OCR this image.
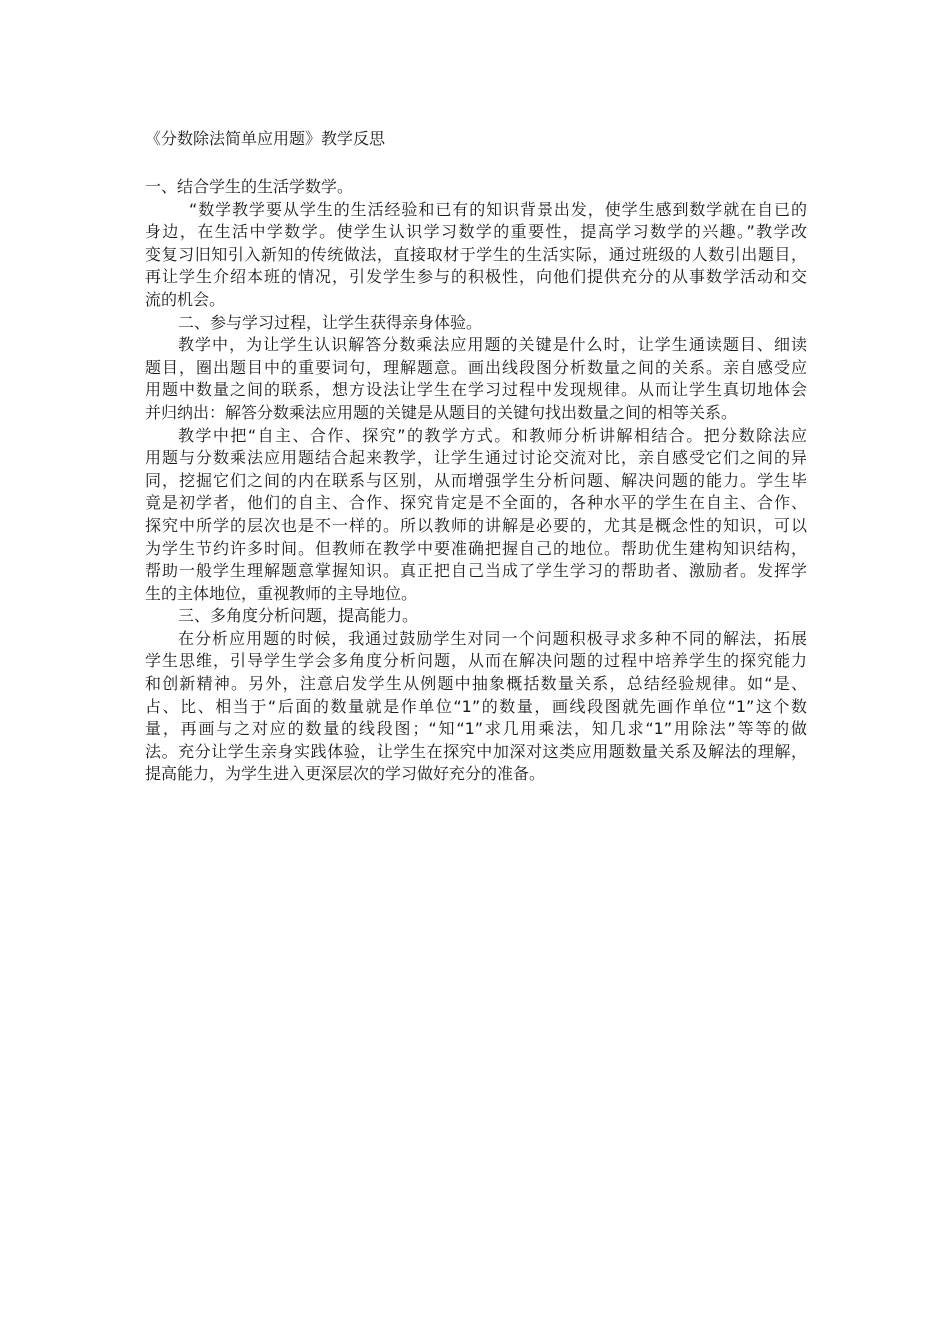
《分数除法简单应用题》教学反思
一、结合学生的生活学数学。
“数学教学要从学生的生活经验和已有的知识背景出发，使学生感到数学就在自已的
身边，在生活中学数学。使学生认识学习数学的重要性，提高学习数学的兴趣。”教学改
变复习旧知引入新知的传统做法，直接取材于学生的生活实际，通过班级的人数引出题目，
再让学生介绍本班的情况，引发学生参与的积极性，向他们提供充分的从事数学活动和交
流的机会。
二、参与学习过程，让学生获得亲身体验。
教学中，为让学生认识解答分数乘法应用题的关键是什么时，让学生通读题目、细读
题目，圈出题目中的重要词句，理解题意。画出线段图分析数量之间的关系。亲自感受应
用题中数量之间的联系，想方设法让学生在学习过程中发现规律。从而让学生真切地体会
并归纳出：解答分数乘法应用题的关键是从题目的关键句找出数量之间的相等关系。
教学中把“自主、合作、探究”的教学方式。和教师分析讲解相结合。把分数除法应
用题与分数乘法应用题结合起来教学，让学生通过讨论交流对比，亲自感受它们之间的异
同，挖掘它们之间的内在联系与区别，从而增强学生分析问题、解决问题的能力。学生毕
竟是初学者，他们的自主、合作、探究肯定是不全面的，各种水平的学生在自主、合作、
探究中所学的层次也是不一样的。所以教师的讲解是必要的，尤其是概念性的知识，可以
为学生节约许多时间。但教师在教学中要准确把握自己的地位。帮助优生建构知识结构，
帮助一般学生理解题意掌握知识。真正把自己当成了学生学习的帮助者、激励者。发挥学
生的主体地位，重视教师的主导地位。
三、多角度分析问题，提高能力。
在分析应用题的时候，我通过鼓励学生对同一个问题积极寻求多种不同的解法，拓展
学生思维，引导学生学会多角度分析问题，从而在解决问题的过程中培养学生的探究能力
和创新精神。另外，注意启发学生从例题中抽象概括数量关系，总结经验规律。如“是、
占、比、相当于“后面的数量就是作单位“1”的数量，画线段图就先画作单位“1”这个数
量，再画与之对应的数量的线段图；“知“1”求几用乘法，知几求“1”用除法”等等的做
法。充分让学生亲身实践体验，让学生在探究中加深对这类应用题数量关系及解法的理解，
提高能力，为学生进入更深层次的学习做好充分的准备。
